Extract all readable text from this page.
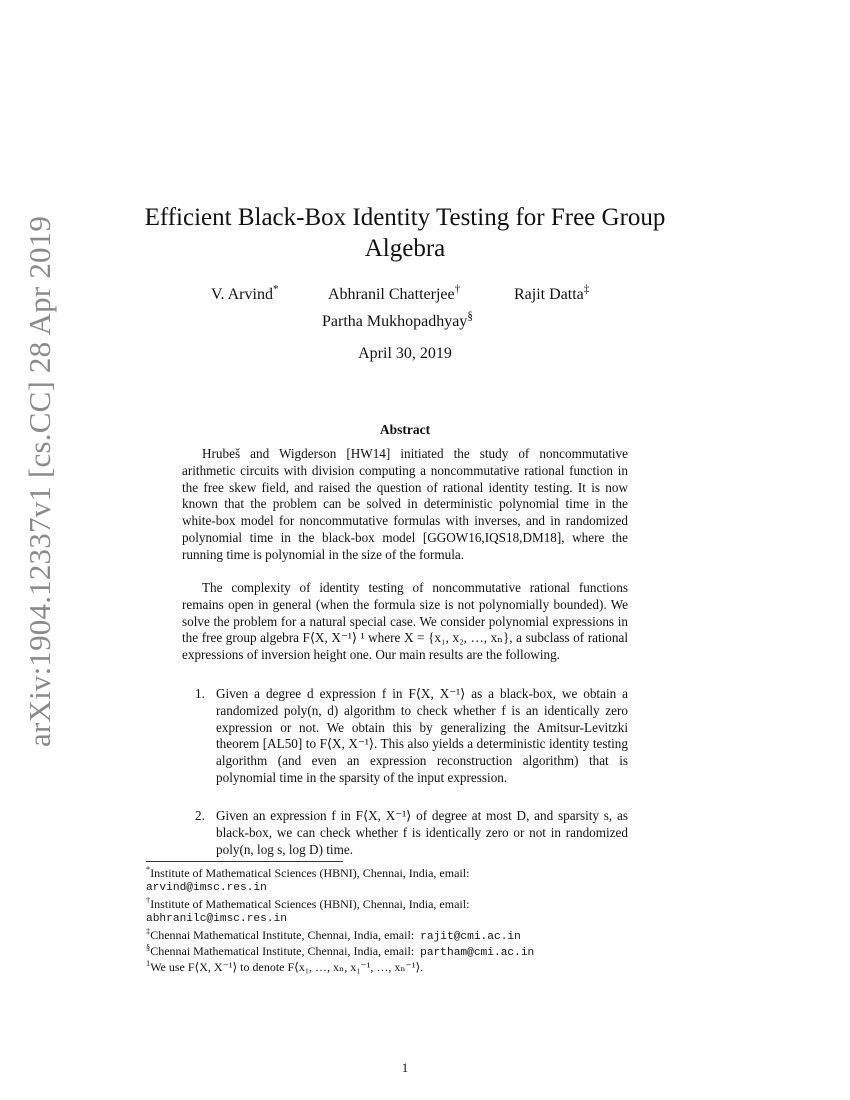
arXiv:1904.12337v1 [cs.CC] 28 Apr 2019	Efficient Black-Box Identity Testing for Free Group Algebra
V. Arvind*	Abhranil Chatterjee†	Rajit Datta‡
Partha Mukhopadhyay§
April 30, 2019
Abstract

Hrubeš and Wigderson [HW14] initiated the study of noncommutative arithmetic circuits with division computing a noncommutative rational function in the free skew field, and raised the question of rational identity testing. It is now known that the problem can be solved in deterministic polynomial time in the white-box model for noncommutative formulas with inverses, and in randomized polynomial time in the black-box model [GGOW16,IQS18,DM18], where the running time is polynomial in the size of the formula.

The complexity of identity testing of noncommutative rational functions remains open in general (when the formula size is not polynomially bounded). We solve the problem for a natural special case. We consider polynomial expressions in the free group algebra F⟨X, X⁻¹⟩ ¹ where X = {x₁, x₂, …, xₙ}, a subclass of rational expressions of inversion height one. Our main results are the following.

1. Given a degree d expression f in F⟨X, X⁻¹⟩ as a black-box, we obtain a randomized poly(n, d) algorithm to check whether f is an identically zero expression or not. We obtain this by generalizing the Amitsur-Levitzki theorem [AL50] to F⟨X, X⁻¹⟩. This also yields a deterministic identity testing algorithm (and even an expression reconstruction algorithm) that is polynomial time in the sparsity of the input expression.
2. Given an expression f in F⟨X, X⁻¹⟩ of degree at most D, and sparsity s, as black-box, we can check whether f is identically zero or not in randomized poly(n, log s, log D) time.
*Institute of Mathematical Sciences (HBNI), Chennai, India, email:
arvind@imsc.res.in
†Institute of Mathematical Sciences (HBNI), Chennai, India, email:
abhranilc@imsc.res.in
‡Chennai Mathematical Institute, Chennai, India, email: rajit@cmi.ac.in
§Chennai Mathematical Institute, Chennai, India, email: partham@cmi.ac.in
$^1$We use F⟨X, X⁻¹⟩ to denote F⟨x₁, …, xₙ, x₁⁻¹, …, xₙ⁻¹⟩.
1
